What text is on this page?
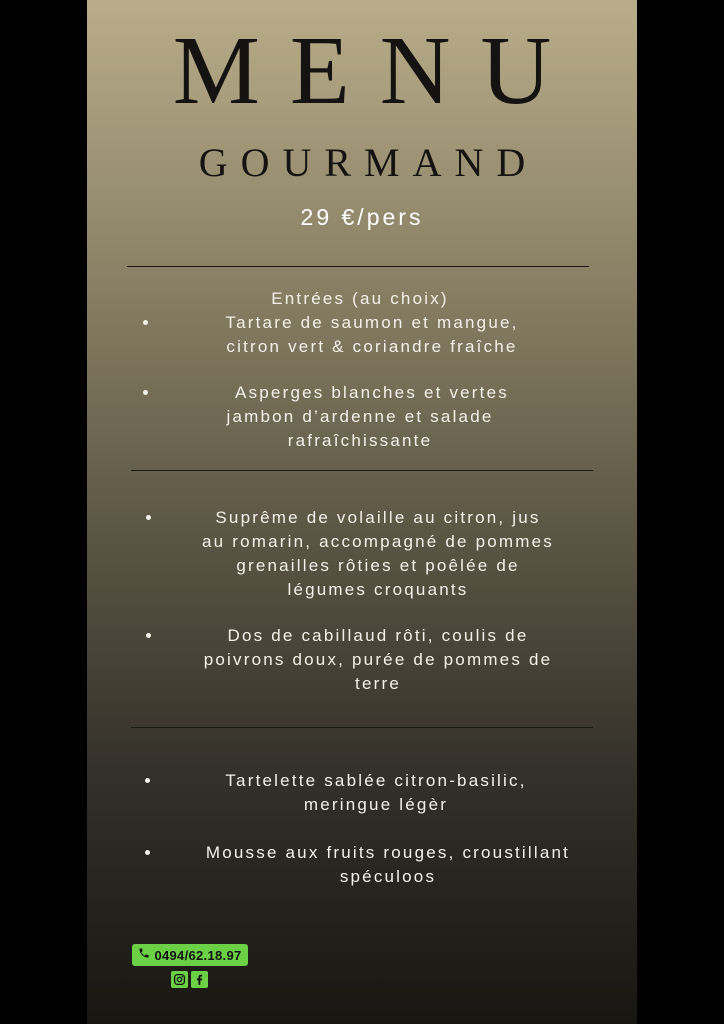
MENU
GOURMAND
29 €/pers
Entrées (au choix)
Tartare de saumon et mangue,
citron vert & coriandre fraîche
Asperges blanches et vertes
jambon d’ardenne et salade
rafraîchissante
Suprême de volaille au citron, jus
au romarin, accompagné de pommes
grenailles rôties et poêlée de
légumes croquants
Dos de cabillaud rôti, coulis de
poivrons doux, purée de pommes de
terre
Tartelette sablée citron-basilic,
meringue légèr
Mousse aux fruits rouges, croustillant
spéculoos
0494/62.18.97
